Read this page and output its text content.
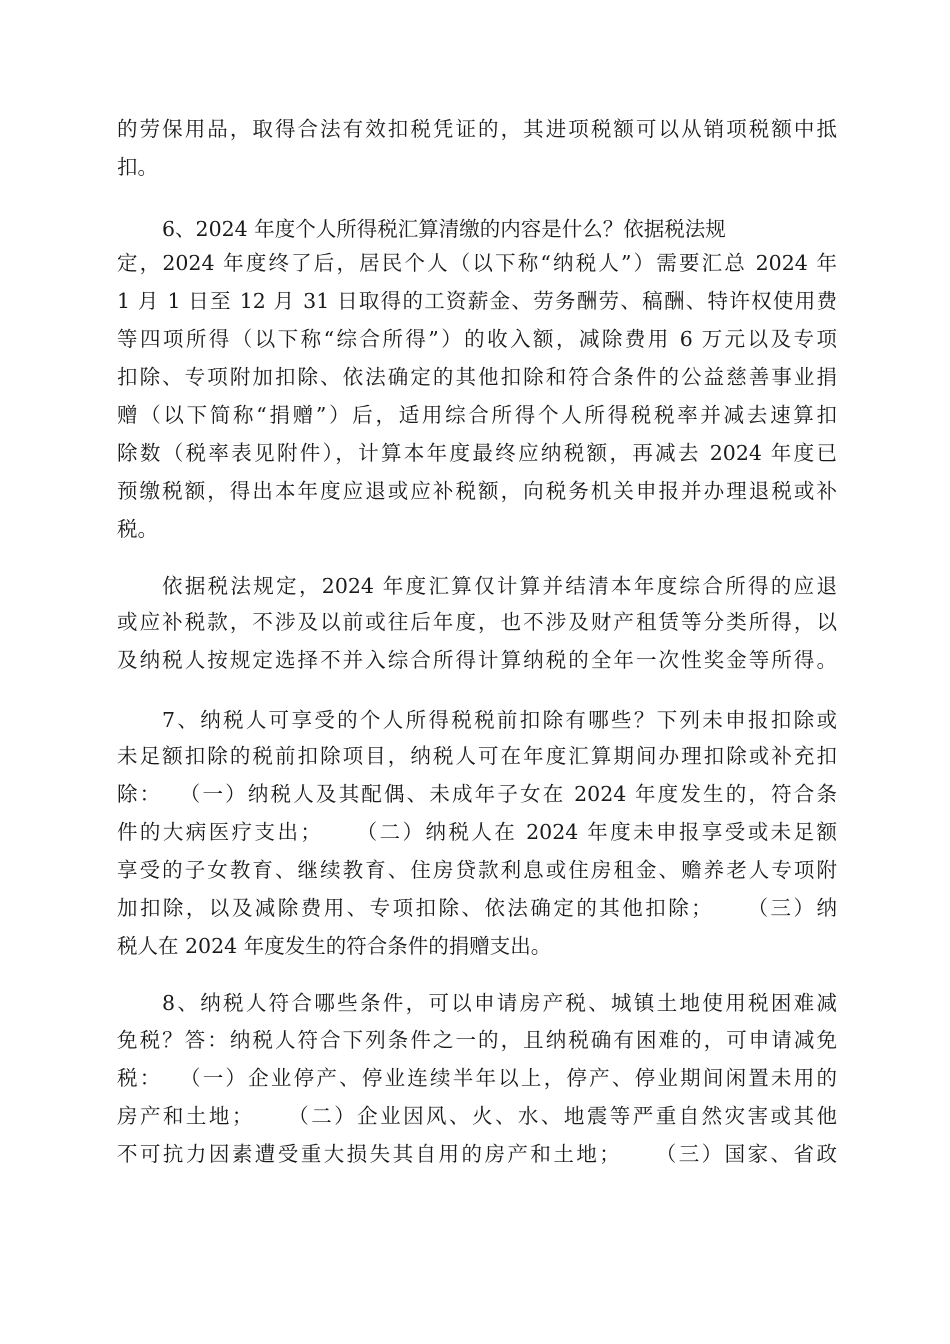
的劳保用品，取得合法有效扣税凭证的，其进项税额可以从销项税额中抵
扣。
6、2024 年度个人所得税汇算清缴的内容是什么？依据税法规
定，2024 年度终了后，居民个人（以下称“纳税人”）需要汇总 2024 年
1 月 1 日至 12 月 31 日取得的工资薪金、劳务酬劳、稿酬、特许权使用费
等四项所得（以下称“综合所得”）的收入额，减除费用 6 万元以及专项
扣除、专项附加扣除、依法确定的其他扣除和符合条件的公益慈善事业捐
赠（以下简称“捐赠”）后，适用综合所得个人所得税税率并减去速算扣
除数（税率表见附件），计算本年度最终应纳税额，再减去 2024 年度已
预缴税额，得出本年度应退或应补税额，向税务机关申报并办理退税或补
税。
依据税法规定，2024 年度汇算仅计算并结清本年度综合所得的应退
或应补税款，不涉及以前或往后年度，也不涉及财产租赁等分类所得，以
及纳税人按规定选择不并入综合所得计算纳税的全年一次性奖金等所得。
7、纳税人可享受的个人所得税税前扣除有哪些？下列未申报扣除或
未足额扣除的税前扣除项目，纳税人可在年度汇算期间办理扣除或补充扣
除：  （一）纳税人及其配偶、未成年子女在 2024 年度发生的，符合条
件的大病医疗支出；    （二）纳税人在 2024 年度未申报享受或未足额
享受的子女教育、继续教育、住房贷款利息或住房租金、赡养老人专项附
加扣除，以及减除费用、专项扣除、依法确定的其他扣除；    （三）纳
税人在 2024 年度发生的符合条件的捐赠支出。
8、纳税人符合哪些条件，可以申请房产税、城镇土地使用税困难减
免税？答：纳税人符合下列条件之一的，且纳税确有困难的，可申请减免
税：  （一）企业停产、停业连续半年以上，停产、停业期间闲置未用的
房产和土地；    （二）企业因风、火、水、地震等严重自然灾害或其他
不可抗力因素遭受重大损失其自用的房产和土地；    （三）国家、省政
